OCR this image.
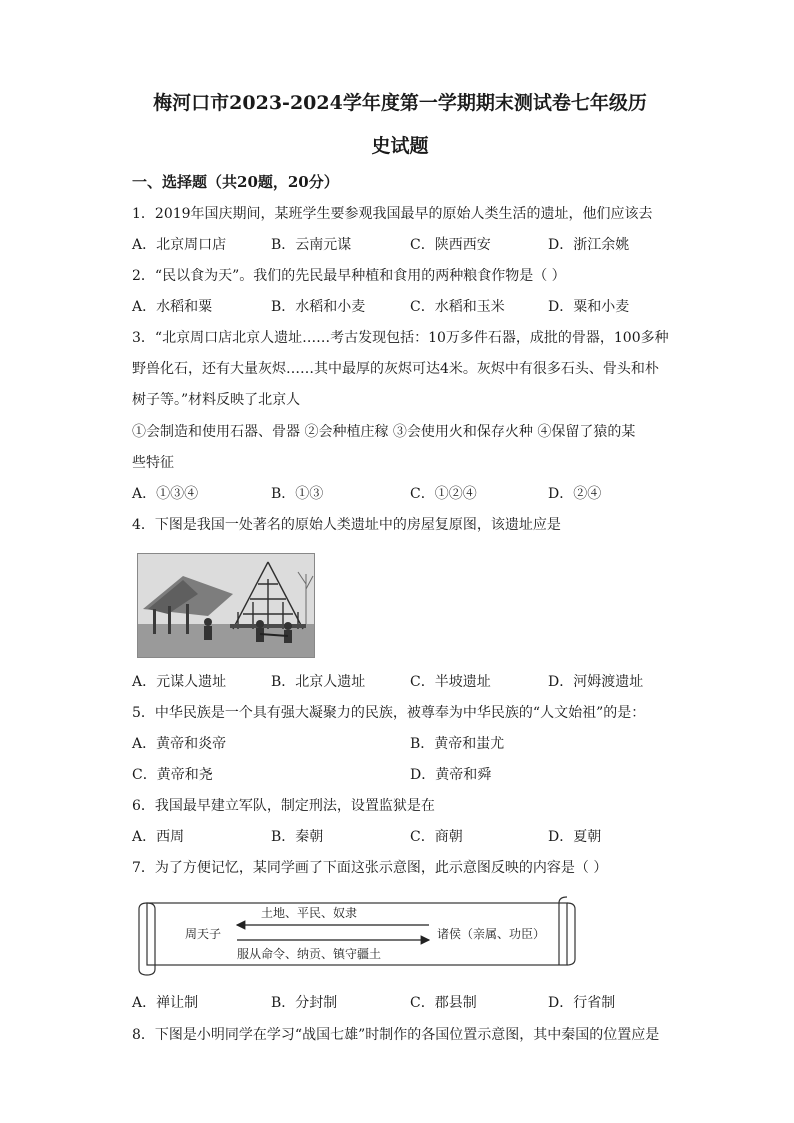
梅河口市2023-2024学年度第一学期期末测试卷七年级历
史试题
一、选择题（共20题，20分）
1．2019年国庆期间，某班学生要参观我国最早的原始人类生活的遗址，他们应该去
A．北京周口店	B．云南元谋	C．陕西西安	D．浙江余姚
2．“民以食为天”。我们的先民最早种植和食用的两种粮食作物是（ ）
A．水稻和粟	B．水稻和小麦	C．水稻和玉米	D．粟和小麦
3．“北京周口店北京人遗址……考古发现包括：10万多件石器，成批的骨器，100多种
野兽化石，还有大量灰烬……其中最厚的灰烬可达4米。灰烬中有很多石头、骨头和朴
树子等。”材料反映了北京人
①会制造和使用石器、骨器 ②会种植庄稼 ③会使用火和保存火种 ④保留了猿的某
些特征
A．①③④	B．①③	C．①②④	D．②④
4．下图是我国一处著名的原始人类遗址中的房屋复原图，该遗址应是
A．元谋人遗址	B．北京人遗址	C．半坡遗址	D．河姆渡遗址
5．中华民族是一个具有强大凝聚力的民族，被尊奉为中华民族的“人文始祖”的是：
A．黄帝和炎帝	B．黄帝和蚩尤
C．黄帝和尧	D．黄帝和舜
6．我国最早建立军队，制定刑法，设置监狱是在
A．西周	B．秦朝	C．商朝	D．夏朝
7．为了方便记忆，某同学画了下面这张示意图，此示意图反映的内容是（ ）
土地、平民、奴隶
周天子	诸侯（亲属、功臣）
服从命令、纳贡、镇守疆土
A．禅让制	B．分封制	C．郡县制	D．行省制
8．下图是小明同学在学习“战国七雄”时制作的各国位置示意图，其中秦国的位置应是
